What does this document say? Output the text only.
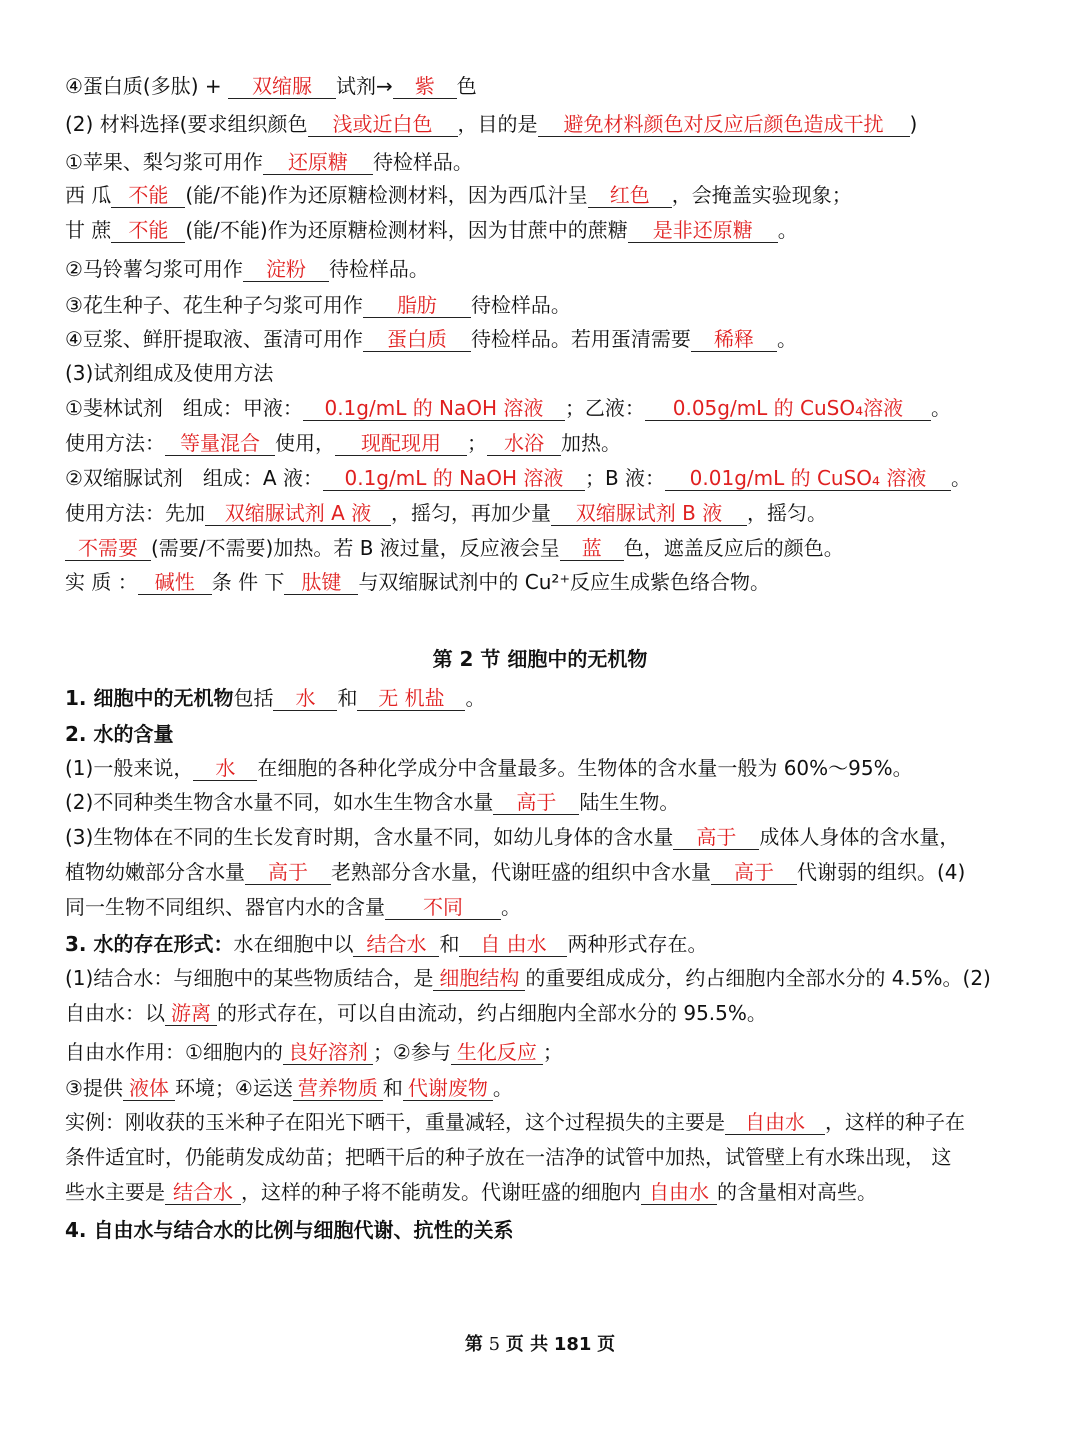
④蛋白质(多肽) + 双缩脲 试剂→ 紫 色
(2) 材料选择(要求组织颜色 浅或近白色 ，目的是 避免材料颜色对反应后颜色造成干扰 )
①苹果、梨匀浆可用作 还原糖 待检样品。
西 瓜 不能 (能/不能)作为还原糖检测材料，因为西瓜汁呈 红色 ，会掩盖实验现象；
甘 蔗 不能 (能/不能)作为还原糖检测材料，因为甘蔗中的蔗糖 是非还原糖 。
②马铃薯匀浆可用作 淀粉 待检样品。
③花生种子、花生种子匀浆可用作 脂肪 待检样品。
④豆浆、鲜肝提取液、蛋清可用作 蛋白质 待检样品。若用蛋清需要 稀释 。
(3)试剂组成及使用方法
①斐林试剂　组成：甲液： 0.1g/mL 的 NaOH 溶液 ；乙液： 0.05g/mL 的 CuSO₄溶液 。
使用方法： 等量混合 使用， 现配现用 ； 水浴 加热。
②双缩脲试剂　组成：A 液： 0.1g/mL 的 NaOH 溶液 ；B 液： 0.01g/mL 的 CuSO₄ 溶液 。
使用方法：先加 双缩脲试剂 A 液 ，摇匀，再加少量 双缩脲试剂 B 液 ，摇匀。
不需要 (需要/不需要)加热。若 B 液过量，反应液会呈 蓝 色，遮盖反应后的颜色。
实 质 ： 碱性 条 件 下 肽键 与双缩脲试剂中的 Cu²⁺反应生成紫色络合物。
1. 细胞中的无机物包括 水 和 无 机盐 。
2. 水的含量
(1)一般来说， 水 在细胞的各种化学成分中含量最多。生物体的含水量一般为 60%～95%。
(2)不同种类生物含水量不同，如水生生物含水量 高于 陆生生物。
(3)生物体在不同的生长发育时期，含水量不同，如幼儿身体的含水量 高于 成体人身体的含水量，
植物幼嫩部分含水量 高于 老熟部分含水量，代谢旺盛的组织中含水量 高于 代谢弱的组织。(4)
同一生物不同组织、器官内水的含量 不同 。
3. 水的存在形式：水在细胞中以 结合水 和 自 由水 两种形式存在。
(1)结合水：与细胞中的某些物质结合，是 细胞结构 的重要组成成分，约占细胞内全部水分的 4.5%。(2)
自由水：以 游离 的形式存在，可以自由流动，约占细胞内全部水分的 95.5%。
自由水作用：①细胞内的 良好溶剂 ；②参与 生化反应 ；
③提供 液体 环境；④运送 营养物质 和 代谢废物 。
实例：刚收获的玉米种子在阳光下晒干，重量减轻，这个过程损失的主要是 自由水 ，这样的种子在
条件适宜时，仍能萌发成幼苗；把晒干后的种子放在一洁净的试管中加热，试管壁上有水珠出现， 这
些水主要是 结合水 ，这样的种子将不能萌发。代谢旺盛的细胞内 自由水 的含量相对高些。
4. 自由水与结合水的比例与细胞代谢、抗性的关系
第 2 节 细胞中的无机物
第 5 页 共 181 页
